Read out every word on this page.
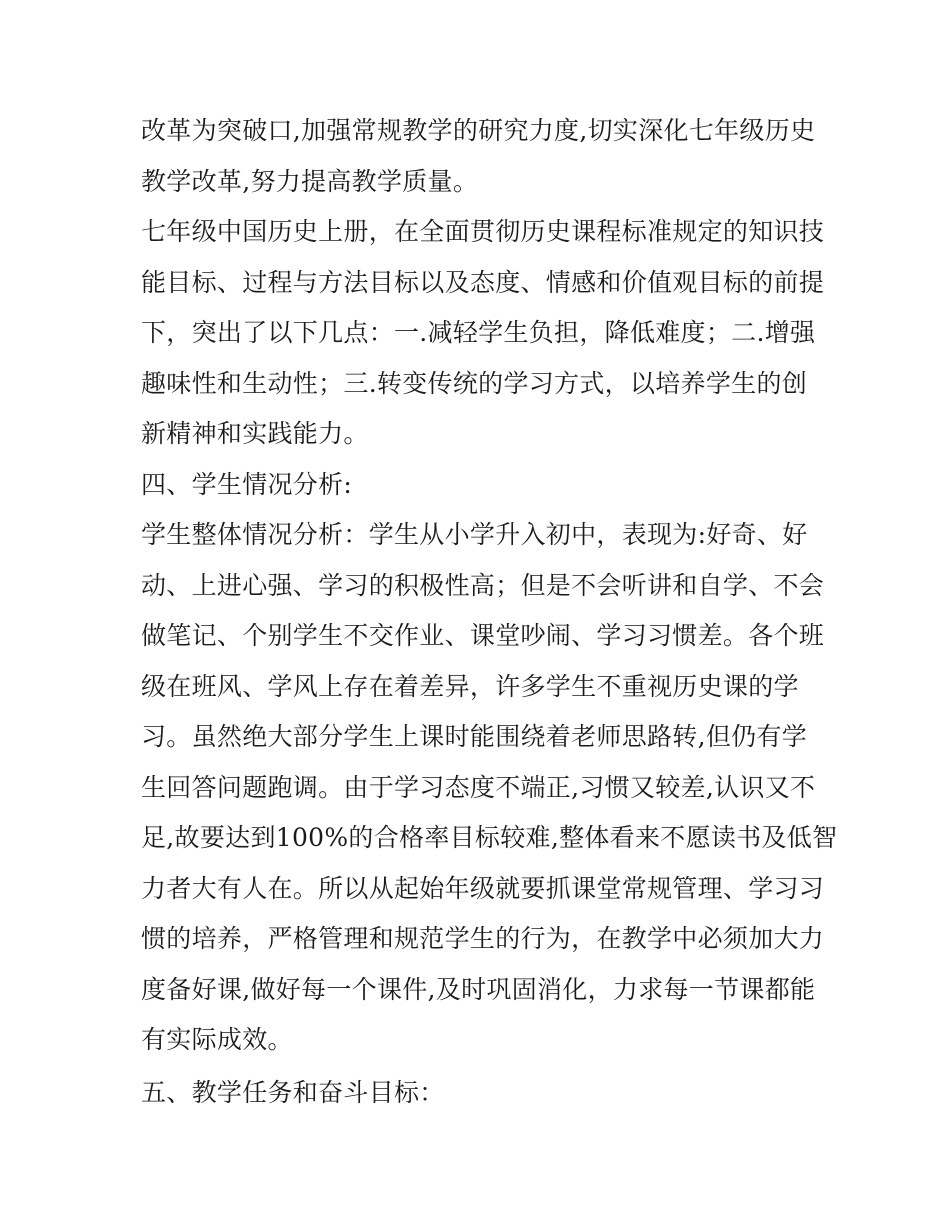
改革为突破口,加强常规教学的研究力度,切实深化七年级历史

教学改革,努力提高教学质量。

七年级中国历史上册，在全面贯彻历史课程标准规定的知识技

能目标、过程与方法目标以及态度、情感和价值观目标的前提

下，突出了以下几点：一.减轻学生负担，降低难度；二.增强

趣味性和生动性；三.转变传统的学习方式，以培养学生的创

新精神和实践能力。

四、学生情况分析:

学生整体情况分析：学生从小学升入初中，表现为:好奇、好

动、上进心强、学习的积极性高；但是不会听讲和自学、不会

做笔记、个别学生不交作业、课堂吵闹、学习习惯差。各个班

级在班风、学风上存在着差异，许多学生不重视历史课的学

习。虽然绝大部分学生上课时能围绕着老师思路转,但仍有学

生回答问题跑调。由于学习态度不端正,习惯又较差,认识又不

足,故要达到100%的合格率目标较难,整体看来不愿读书及低智

力者大有人在。所以从起始年级就要抓课堂常规管理、学习习

惯的培养，严格管理和规范学生的行为，在教学中必须加大力

度备好课,做好每一个课件,及时巩固消化，力求每一节课都能

有实际成效。

五、教学任务和奋斗目标：
